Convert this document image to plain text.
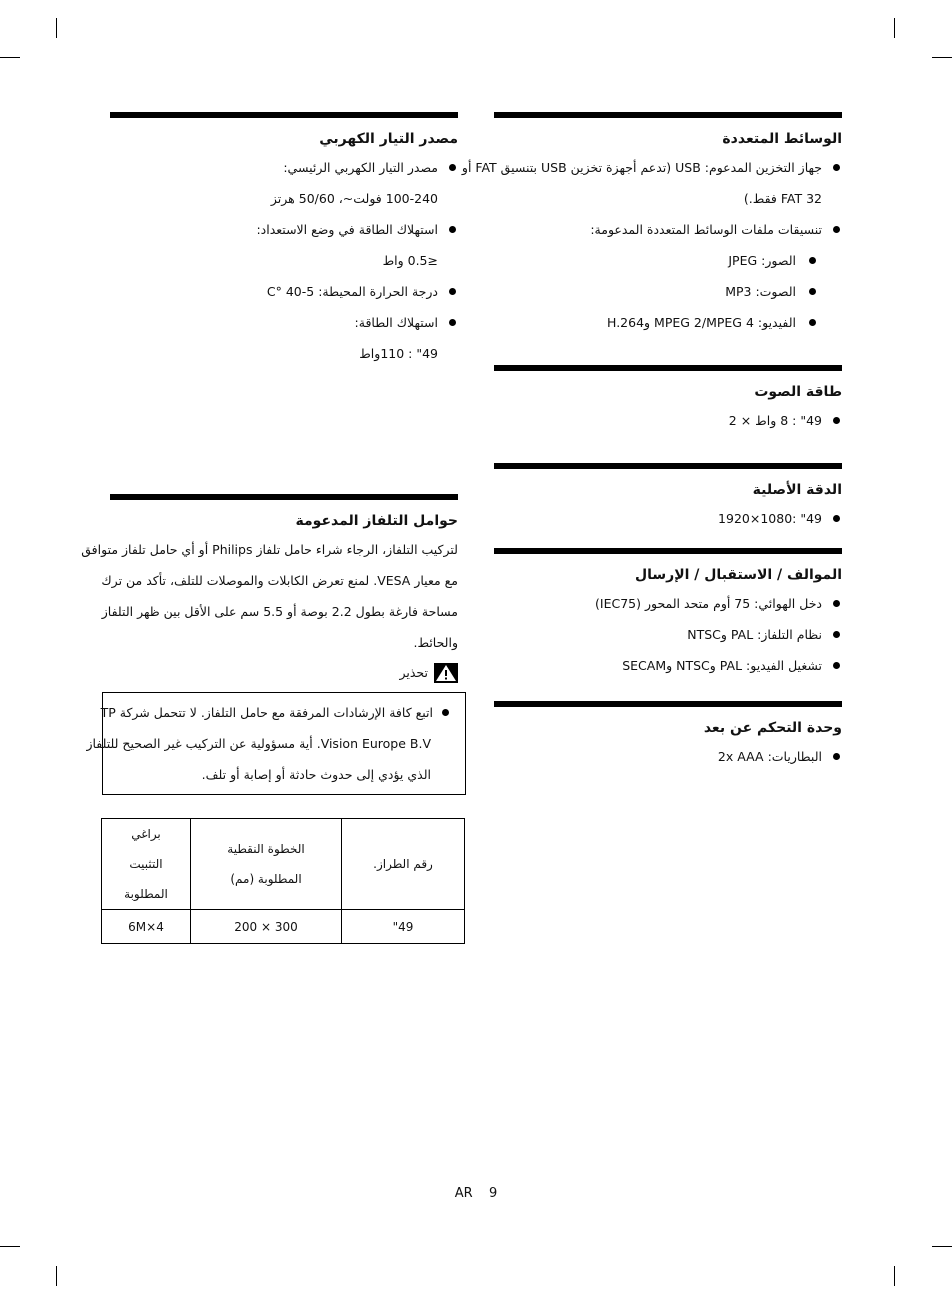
الوسائط المتعددة
جهاز التخزين المدعوم: USB (تدعم أجهزة تخزين USB بتنسيق FAT أو
FAT 32 فقط.)
تنسيقات ملفات الوسائط المتعددة المدعومة:
الصور: JPEG
الصوت: MP3
الفيديو: MPEG 2/MPEG 4 وH.264
طاقة الصوت
49" : 8 واط × 2
الدقة الأصلية
49" :1080×1920
الموالف / الاستقبال / الإرسال
دخل الهوائي: 75 أوم متحد المحور (IEC75)
نظام التلفاز: PAL وNTSC
تشغيل الفيديو: PAL وNTSC وSECAM
وحدة التحكم عن بعد
البطاريات: 2x AAA
مصدر التيار الكهربي
مصدر التيار الكهربي الرئيسي:
100-240 فولت~، 50/60 هرتز
استهلاك الطاقة في وضع الاستعداد:
≤0.5 واط
درجة الحرارة المحيطة: 5-40 °C
استهلاك الطاقة:
49" : 110واط
حوامل التلفاز المدعومة
لتركيب التلفاز، الرجاء شراء حامل تلفاز Philips أو أي حامل تلفاز متوافق
مع معيار VESA. لمنع تعرض الكابلات والموصلات للتلف، تأكد من ترك
مساحة فارغة بطول 2.2 بوصة أو 5.5 سم على الأقل بين ظهر التلفاز
والحائط.
تحذير
اتبع كافة الإرشادات المرفقة مع حامل التلفاز. لا تتحمل شركة TP
Vision Europe B.V. أية مسؤولية عن التركيب غير الصحيح للتلفاز
الذي يؤدي إلى حدوث حادثة أو إصابة أو تلف.
رقم الطراز.	الخطوة النقطية المطلوبة (مم)	براغي التثبيت المطلوبة
49"	300 × 200	6M×4
AR 9
